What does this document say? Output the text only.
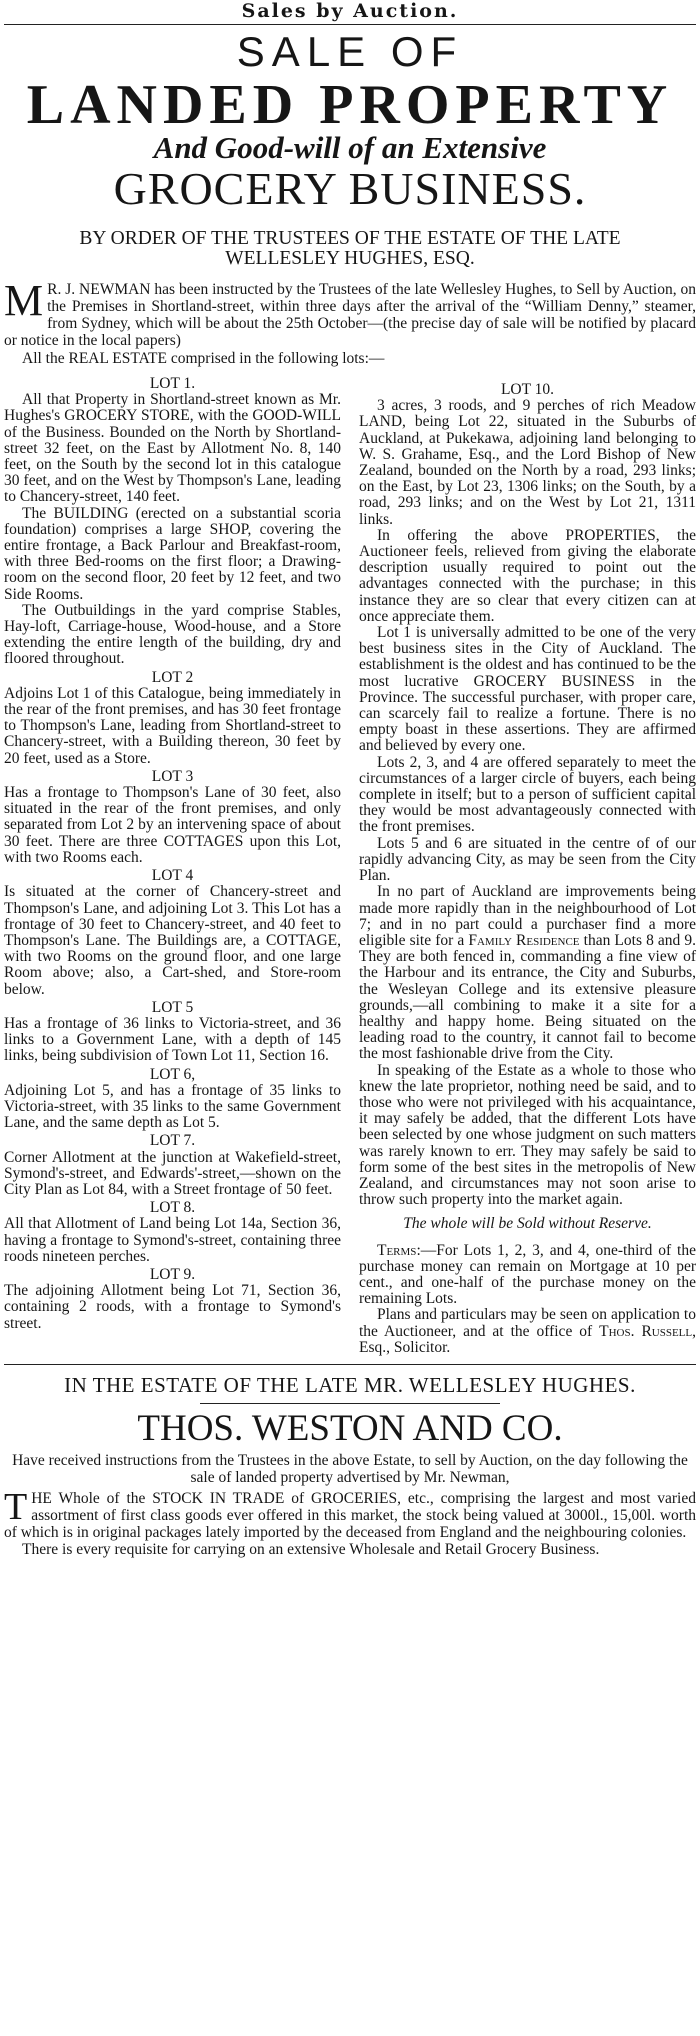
Sales by Auction.

SALE OF

LANDED PROPERTY

And Good-will of an Extensive

GROCERY BUSINESS.

BY ORDER OF THE TRUSTEES OF THE ESTATE OF THE LATE

WELLESLEY HUGHES, ESQ.

M R. J. NEWMAN has been instructed by the Trustees of the late Wellesley Hughes, to Sell by Auction, on the Premises in Shortland-street, within three days after the arrival of the “William Denny,” steamer, from Sydney, which will be about the 25th October—(the precise day of sale will be notified by placard or notice in the local papers)

All the REAL ESTATE comprised in the following lots:—

LOT 1.

All that Property in Shortland-street known as Mr. Hughes's GROCERY STORE, with the GOOD-WILL of the Business. Bounded on the North by Shortland-street 32 feet, on the East by Allotment No. 8, 140 feet, on the South by the second lot in this catalogue 30 feet, and on the West by Thompson's Lane, leading to Chancery-street, 140 feet.

The BUILDING (erected on a substantial scoria foundation) comprises a large SHOP, covering the entire frontage, a Back Parlour and Breakfast-room, with three Bed-rooms on the first floor; a Drawing-room on the second floor, 20 feet by 12 feet, and two Side Rooms.

The Outbuildings in the yard comprise Stables, Hay-loft, Carriage-house, Wood-house, and a Store extending the entire length of the building, dry and floored throughout.

LOT 2

Adjoins Lot 1 of this Catalogue, being immediately in the rear of the front premises, and has 30 feet frontage to Thompson's Lane, leading from Shortland-street to Chancery-street, with a Building thereon, 30 feet by 20 feet, used as a Store.

LOT 3

Has a frontage to Thompson's Lane of 30 feet, also situated in the rear of the front premises, and only separated from Lot 2 by an intervening space of about 30 feet. There are three COTTAGES upon this Lot, with two Rooms each.

LOT 4

Is situated at the corner of Chancery-street and Thompson's Lane, and adjoining Lot 3. This Lot has a frontage of 30 feet to Chancery-street, and 40 feet to Thompson's Lane. The Buildings are, a COTTAGE, with two Rooms on the ground floor, and one large Room above; also, a Cart-shed, and Store-room below.

LOT 5

Has a frontage of 36 links to Victoria-street, and 36 links to a Government Lane, with a depth of 145 links, being subdivision of Town Lot 11, Section 16.

LOT 6,

Adjoining Lot 5, and has a frontage of 35 links to Victoria-street, with 35 links to the same Government Lane, and the same depth as Lot 5.

LOT 7.

Corner Allotment at the junction at Wakefield-street, Symond's-street, and Edwards'-street,—shown on the City Plan as Lot 84, with a Street frontage of 50 feet.

LOT 8.

All that Allotment of Land being Lot 14a, Section 36, having a frontage to Symond's-street, containing three roods nineteen perches.

LOT 9.

The adjoining Allotment being Lot 71, Section 36, containing 2 roods, with a frontage to Symond's street.

LOT 10.

3 acres, 3 roods, and 9 perches of rich Meadow LAND, being Lot 22, situated in the Suburbs of Auckland, at Pukekawa, adjoining land belonging to W. S. Grahame, Esq., and the Lord Bishop of New Zealand, bounded on the North by a road, 293 links; on the East, by Lot 23, 1306 links; on the South, by a road, 293 links; and on the West by Lot 21, 1311 links.

In offering the above PROPERTIES, the Auctioneer feels, relieved from giving the elaborate description usually required to point out the advantages connected with the purchase; in this instance they are so clear that every citizen can at once appreciate them.

Lot 1 is universally admitted to be one of the very best business sites in the City of Auckland. The establishment is the oldest and has continued to be the most lucrative GROCERY BUSINESS in the Province. The successful purchaser, with proper care, can scarcely fail to realize a fortune. There is no empty boast in these assertions. They are affirmed and believed by every one.

Lots 2, 3, and 4 are offered separately to meet the circumstances of a larger circle of buyers, each being complete in itself; but to a person of sufficient capital they would be most advantageously connected with the front premises.

Lots 5 and 6 are situated in the centre of of our rapidly advancing City, as may be seen from the City Plan.

In no part of Auckland are improvements being made more rapidly than in the neighbourhood of Lot 7; and in no part could a purchaser find a more eligible site for a Family Residence than Lots 8 and 9. They are both fenced in, commanding a fine view of the Harbour and its entrance, the City and Suburbs, the Wesleyan College and its extensive pleasure grounds,—all combining to make it a site for a healthy and happy home. Being situated on the leading road to the country, it cannot fail to become the most fashionable drive from the City.

In speaking of the Estate as a whole to those who knew the late proprietor, nothing need be said, and to those who were not privileged with his acquaintance, it may safely be added, that the different Lots have been selected by one whose judgment on such matters was rarely known to err. They may safely be said to form some of the best sites in the metropolis of New Zealand, and circumstances may not soon arise to throw such property into the market again.

The whole will be Sold without Reserve.

Terms:—For Lots 1, 2, 3, and 4, one-third of the purchase money can remain on Mortgage at 10 per cent., and one-half of the purchase money on the remaining Lots.

Plans and particulars may be seen on application to the Auctioneer, and at the office of Thos. Russell, Esq., Solicitor.

IN THE ESTATE OF THE LATE MR. WELLESLEY HUGHES.

THOS. WESTON AND CO.

Have received instructions from the Trustees in the above Estate, to sell by Auction, on the day following the sale of landed property advertised by Mr. Newman,

THE Whole of the STOCK IN TRADE of GROCERIES, etc., comprising the largest and most varied assortment of first class goods ever offered in this market, the stock being valued at 3000l., 15,00l. worth of which is in original packages lately imported by the deceased from England and the neighbouring colonies.

There is every requisite for carrying on an extensive Wholesale and Retail Grocery Business.
